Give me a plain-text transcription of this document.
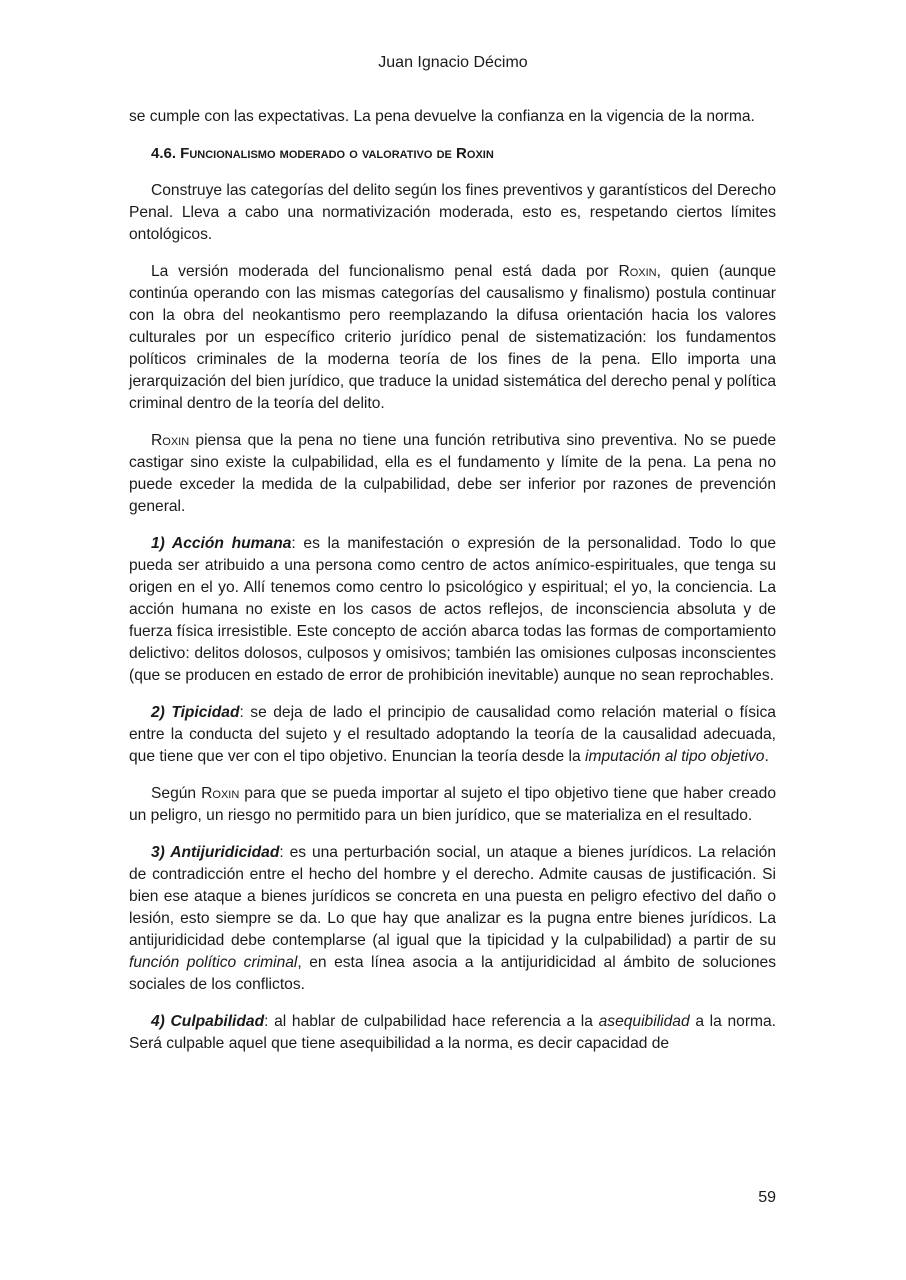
Juan Ignacio Décimo

se cumple con las expectativas. La pena devuelve la confianza en la vigencia de la norma.

4.6. Funcionalismo moderado o valorativo de Roxin

Construye las categorías del delito según los fines preventivos y garantísticos del Derecho Penal. Lleva a cabo una normativización moderada, esto es, respetando ciertos límites ontológicos.

La versión moderada del funcionalismo penal está dada por Roxin, quien (aunque continúa operando con las mismas categorías del causalismo y finalismo) postula continuar con la obra del neokantismo pero reemplazando la difusa orientación hacia los valores culturales por un específico criterio jurídico penal de sistematización: los fundamentos políticos criminales de la moderna teoría de los fines de la pena. Ello importa una jerarquización del bien jurídico, que traduce la unidad sistemática del derecho penal y política criminal dentro de la teoría del delito.

Roxin piensa que la pena no tiene una función retributiva sino preventiva. No se puede castigar sino existe la culpabilidad, ella es el fundamento y límite de la pena. La pena no puede exceder la medida de la culpabilidad, debe ser inferior por razones de prevención general.

1) Acción humana: es la manifestación o expresión de la personalidad. Todo lo que pueda ser atribuido a una persona como centro de actos anímico-espirituales, que tenga su origen en el yo. Allí tenemos como centro lo psicológico y espiritual; el yo, la conciencia. La acción humana no existe en los casos de actos reflejos, de inconsciencia absoluta y de fuerza física irresistible. Este concepto de acción abarca todas las formas de comportamiento delictivo: delitos dolosos, culposos y omisivos; también las omisiones culposas inconscientes (que se producen en estado de error de prohibición inevitable) aunque no sean reprochables.

2) Tipicidad: se deja de lado el principio de causalidad como relación material o física entre la conducta del sujeto y el resultado adoptando la teoría de la causalidad adecuada, que tiene que ver con el tipo objetivo. Enuncian la teoría desde la imputación al tipo objetivo.

Según Roxin para que se pueda importar al sujeto el tipo objetivo tiene que haber creado un peligro, un riesgo no permitido para un bien jurídico, que se materializa en el resultado.

3) Antijuridicidad: es una perturbación social, un ataque a bienes jurídicos. La relación de contradicción entre el hecho del hombre y el derecho. Admite causas de justificación. Si bien ese ataque a bienes jurídicos se concreta en una puesta en peligro efectivo del daño o lesión, esto siempre se da. Lo que hay que analizar es la pugna entre bienes jurídicos. La antijuridicidad debe contemplarse (al igual que la tipicidad y la culpabilidad) a partir de su función político criminal, en esta línea asocia a la antijuridicidad al ámbito de soluciones sociales de los conflictos.

4) Culpabilidad: al hablar de culpabilidad hace referencia a la asequibilidad a la norma. Será culpable aquel que tiene asequibilidad a la norma, es decir capacidad de

59
